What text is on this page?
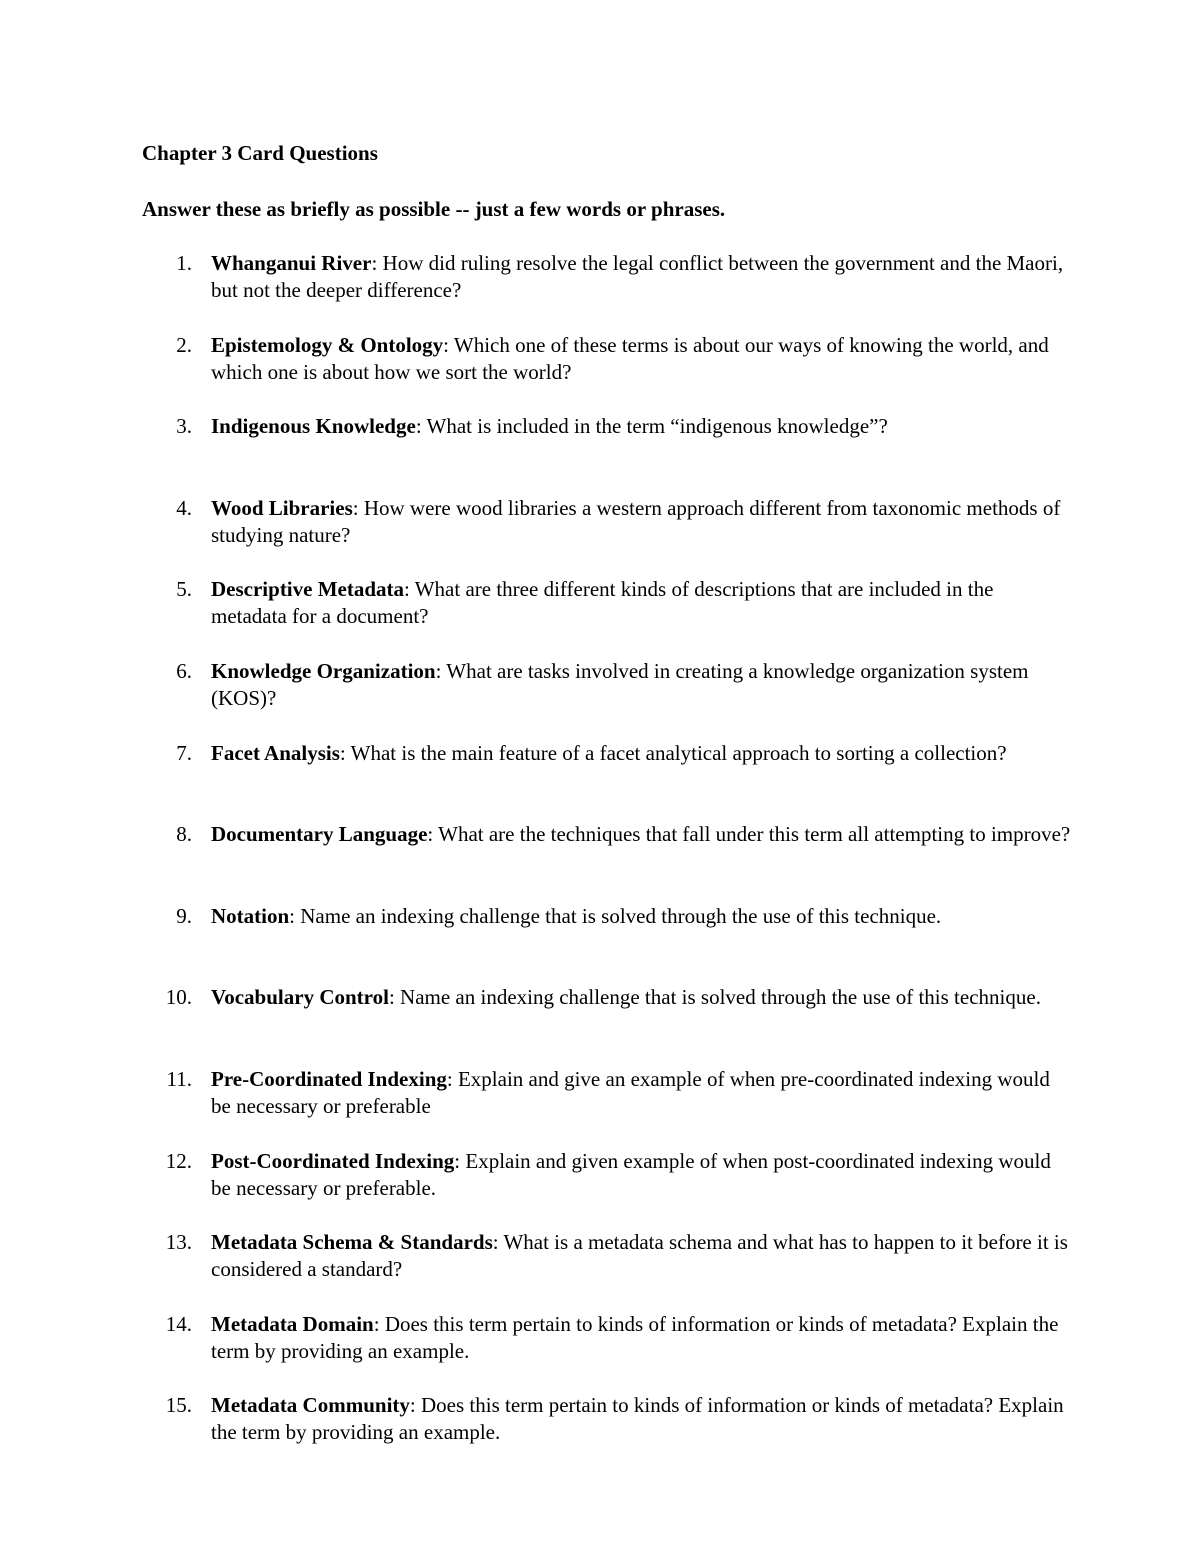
Chapter 3 Card Questions
Answer these as briefly as possible -- just a few words or phrases.
1. Whanganui River: How did ruling resolve the legal conflict between the government and the Maori, but not the deeper difference?
2. Epistemology & Ontology: Which one of these terms is about our ways of knowing the world, and which one is about how we sort the world?
3. Indigenous Knowledge: What is included in the term “indigenous knowledge”?
4. Wood Libraries: How were wood libraries a western approach different from taxonomic methods of studying nature?
5. Descriptive Metadata: What are three different kinds of descriptions that are included in the metadata for a document?
6. Knowledge Organization: What are tasks involved in creating a knowledge organization system (KOS)?
7. Facet Analysis: What is the main feature of a facet analytical approach to sorting a collection?
8. Documentary Language: What are the techniques that fall under this term all attempting to improve?
9. Notation: Name an indexing challenge that is solved through the use of this technique.
10. Vocabulary Control: Name an indexing challenge that is solved through the use of this technique.
11. Pre-Coordinated Indexing: Explain and give an example of when pre-coordinated indexing would be necessary or preferable
12. Post-Coordinated Indexing: Explain and given example of when post-coordinated indexing would be necessary or preferable.
13. Metadata Schema & Standards: What is a metadata schema and what has to happen to it before it is considered a standard?
14. Metadata Domain: Does this term pertain to kinds of information or kinds of metadata? Explain the term by providing an example.
15. Metadata Community: Does this term pertain to kinds of information or kinds of metadata? Explain the term by providing an example.
